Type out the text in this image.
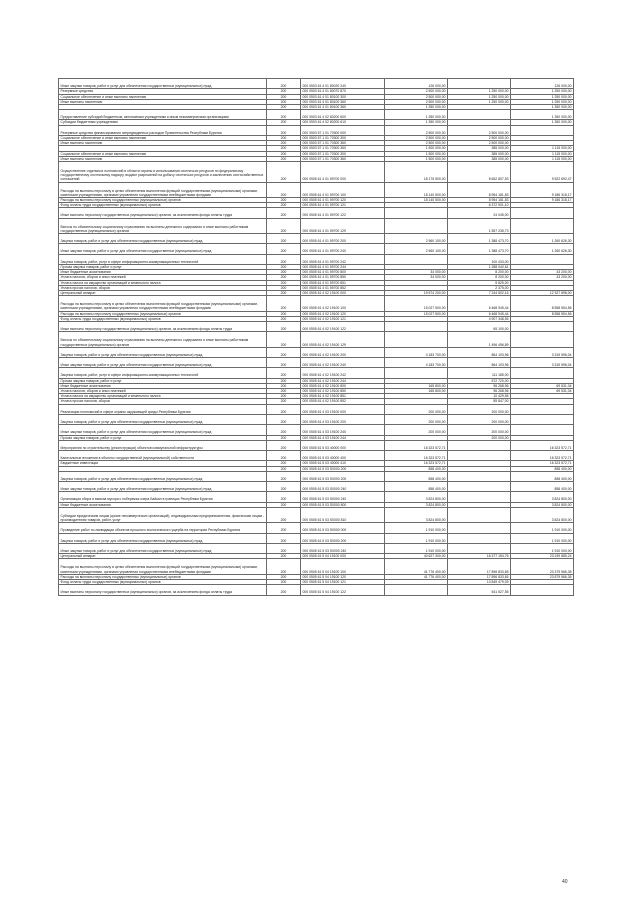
Иные закупки товаров, работ и услуг для обеспечения государственных (муниципальных) нужд	200	000 0503 61 4 01 80020 240	126 000,00		126 000,00
Резервные средства	200	000 0503 61 4 01 80070 870	2 500 000,00	1 250 000,00	1 250 000,00
Социальное обеспечение и иные выплаты населению	200	000 0503 61 4 01 80100 300	2 500 000,00	1 250 000,00	1 250 000,00
Иные выплаты населению	200	000 0503 61 4 01 80100 360	2 500 000,00	1 250 000,00	1 250 000,00
	200	000 0503 61 4 01 80100 360	1 350 000,00		1 350 000,00
Предоставление субсидий бюджетным, автономным учреждениям и иным некоммерческим организациям	200	000 0503 61 4 02 80200 600	1 350 000,00		1 350 000,00
Субсидии бюджетным учреждениям	200	000 0503 61 4 02 80200 610	1 350 000,00		1 350 000,00
Резервные средства финансирования непредвиденных расходов Правительства Республики Бурятия	200	000 0503 57 1 01 70300 000	2 500 000,00	2 500 000,00	
Социальное обеспечение и иные выплаты населению	200	000 0503 57 1 01 70300 300	2 500 000,00	2 500 000,00	
Иные выплаты населению	200	000 0503 57 1 01 70300 360	2 500 000,00	2 500 000,00	
	200	000 0503 57 1 01 70300 360	1 500 000,00	385 000,00	1 115 000,00
Социальное обеспечение и иные выплаты населению	200	000 0503 57 1 01 70300 300	1 500 000,00	385 000,00	1 115 000,00
Иные выплаты населению	200	000 0503 57 1 01 70300 360	1 500 000,00	385 000,00	1 115 000,00
Осуществление отдельных полномочий в области охраны и использования охотничьих ресурсов по федеральному государственному охотничьему надзору, выдаче разрешений на добычу охотничьих ресурсов и заключению охотхозяйственных соглашений	200	000 0505 61 4 01 59700 000	18 175 500,00	8 652 807,53	9 522 692,47
Расходы на выплаты персоналу в целях обеспечения выполнения функций государственными (муниципальными) органами, казенными учреждениями, органами управления государственными внебюджетными фондами	200	000 0505 61 4 01 59700 100	18 140 500,00	8 954 181,83	9 186 318,17
Расходы на выплаты персоналу государственных (муниципальных) органов	200	000 0505 61 4 01 59700 120	18 140 500,00	8 954 181,83	9 186 318,17
Фонд оплаты труда государственных (муниципальных) органов	200	000 0505 61 4 01 59700 121		6 372 901,10	
Иные выплаты персоналу государственных (муниципальных) органов, за исключением фонда оплаты труда	200	000 0505 61 4 01 59700 122		24 045,00	
Взносы по обязательному социальному страхованию на выплаты денежного содержания и иные выплаты работникам государственных (муниципальных) органов	200	000 0505 61 4 01 59700 129		1 557 235,73	
Закупка товаров, работ и услуг для обеспечения государственных (муниципальных) нужд	200	000 0505 61 4 01 59700 200	2 560 100,00	1 388 473,70	1 260 626,30
Иные закупки товаров, работ и услуг для обеспечения государственных (муниципальных) нужд	200	000 0505 61 4 01 59700 240	2 560 100,00	1 388 473,70	1 260 626,30
Закупка товаров, работ, услуг в сфере информационно-коммуникационных технологий	200	000 0505 61 4 01 59700 242		100 433,00	
Прочая закупка товаров, работ и услуг	200	000 0505 61 4 01 59700 244		1 288 040,61	
Иные бюджетные ассигнования	200	000 0505 61 4 01 59700 800	34 000,00	8 200,00	43 200,00
Уплата налогов, сборов и иных платежей	200	000 0505 61 4 01 59700 850	34 000,00	8 200,00	43 200,00
Уплата налога на имущество организаций и земельного налога	200	000 0505 61 4 01 59700 851		5 825,00	
Уплата прочих налогов, сборов	200	000 0505 61 4 01 59700 852		2 375,00	
Центральный аппарат	200	000 0505 61 4 02 19100 000	19 574 200,00	7 244 502,16	12 327 698,00
Расходы на выплаты персоналу в целях обеспечения выполнения функций государственными (муниципальными) органами, казенными учреждениями, органами управления государственными внебюджетными фондами	200	000 0505 61 4 02 19100 100	15 027 500,00	6 468 945,44	8 558 554,56
Расходы на выплаты персоналу государственных (муниципальных) органов	200	000 0505 61 4 02 19100 120	15 027 500,00	6 468 945,44	8 558 554,56
Фонд оплаты труда государственных (муниципальных) органов	200	000 0505 61 4 02 19100 121		4 907 348,55	
Иные выплаты персоналу государственных (муниципальных) органов, за исключением фонда оплаты труда	200	000 0505 61 4 02 19100 122		65 100,00	
Взносы по обязательному социальному страхованию на выплаты денежного содержания и иные выплаты работникам государственных (муниципальных) органов	200	000 0505 61 4 02 19100 129		1 496 496,89	
Закупка товаров, работ и услуг для обеспечения государственных (муниципальных) нужд	200	000 0505 61 4 02 19100 200	4 183 700,00	864 103,96	3 319 596,04
Иные закупки товаров, работ и услуг для обеспечения государственных (муниципальных) нужд	200	000 0505 61 4 02 19100 240	4 183 700,00	864 103,96	3 319 596,04
Закупка товаров, работ, услуг в сфере информационно-коммуникационных технологий	200	000 0505 61 4 02 19100 242		111 185,00	
Прочая закупка товаров, работ и услуг	200	000 0505 61 4 02 19100 244		572 720,00	
Иные бюджетные ассигнования	200	000 0505 61 4 02 19100 800	165 800,00	96 268,96	69 531,04
Уплата налогов, сборов и иных платежей	200	000 0505 61 4 02 19100 850	165 800,00	96 268,96	69 531,04
Уплата налога на имущество организаций и земельного налога	200	000 0505 61 4 02 19100 851		10 429,56	
Уплата прочих налогов, сборов	200	000 0505 61 4 02 19100 852		85 847,00	
Реализация полномочий в сфере охраны окружающей среды Республики Бурятия	200	000 0505 61 4 03 19100 000	200 000,00	200 000,00	
Закупка товаров, работ и услуг для обеспечения государственных (муниципальных) нужд	200	000 0505 61 4 03 19100 200	200 000,00	200 000,00	
Иные закупки товаров, работ и услуг для обеспечения государственных (муниципальных) нужд	200	000 0505 61 4 03 19100 240	200 000,00	200 000,00	
Прочая закупка товаров, работ и услуг	200	000 0505 61 4 03 19100 244		200 000,00	
Мероприятия по строительству (реконструкции) объектов коммунальной инфраструктуры	200	000 0505 61 5 03 40000 000	16 323 572,71		16 323 572,71
Капитальные вложения в объекты государственной (муниципальной) собственности	200	000 0505 61 5 03 40000 400	16 323 572,71		16 323 572,71
Бюджетные инвестиции	200	000 0505 61 5 03 40000 410	16 323 572,71		16 323 572,71
	200	000 0505 61 5 03 S0000 200	858 400,00		858 400,00
Закупка товаров, работ и услуг для обеспечения государственных (муниципальных) нужд	200	000 0505 61 5 03 S0000 200	858 400,00		858 400,00
Иные закупки товаров, работ и услуг для обеспечения государственных (муниципальных) нужд	200	000 0505 61 5 03 S0000 240	858 400,00		858 400,00
Организация сбора и вывоза мусора с побережья озера Байкал в границах Республики Бурятия	200	000 0505 61 5 03 S0000 240	3 824 800,00		3 824 800,00
Иные бюджетные ассигнования	200	000 0505 61 5 03 S0000 800	3 824 800,00		3 824 800,00
Субсидии юридическим лицам (кроме некоммерческих организаций), индивидуальным предпринимателям, физическим лицам - производителям товаров, работ, услуг	200	000 0505 61 5 03 S0000 810	3 824 800,00		3 824 800,00
Проведение работ по ликвидации объектов прошлого экологического ущерба на территории Республики Бурятия	200	000 0505 61 5 03 S0000 000	1 910 000,00		1 910 000,00
Закупка товаров, работ и услуг для обеспечения государственных (муниципальных) нужд	200	000 0505 61 5 03 S0000 200	1 910 000,00		1 910 000,00
Иные закупки товаров, работ и услуг для обеспечения государственных (муниципальных) нужд	200	000 0505 61 5 03 S0000 240	1 910 000,00		1 910 000,00
Центральный аппарат	200	000 0505 61 5 04 19100 000	40 627 300,00	16 377 154,76	23 249 885,24
Расходы на выплаты персоналу в целях обеспечения выполнения функций государственными (муниципальными) органами, казенными учреждениями, органами управления государственными внебюджетными фондами	200	000 0505 61 5 04 19100 100	41 776 400,00	17 896 833,65	23 379 566,35
Расходы на выплаты персоналу государственных (муниципальных) органов	200	000 0505 61 5 04 19100 120	41 776 400,00	17 896 833,65	23 879 566,35
Фонд оплаты труда государственных (муниципальных) органов	200	000 0505 61 5 04 19100 121		13 849 479,09	
Иные выплаты персоналу государственных (муниципальных) органов, за исключением фонда оплаты труда	200	000 0505 61 5 04 19100 122		541 527,55	
40
